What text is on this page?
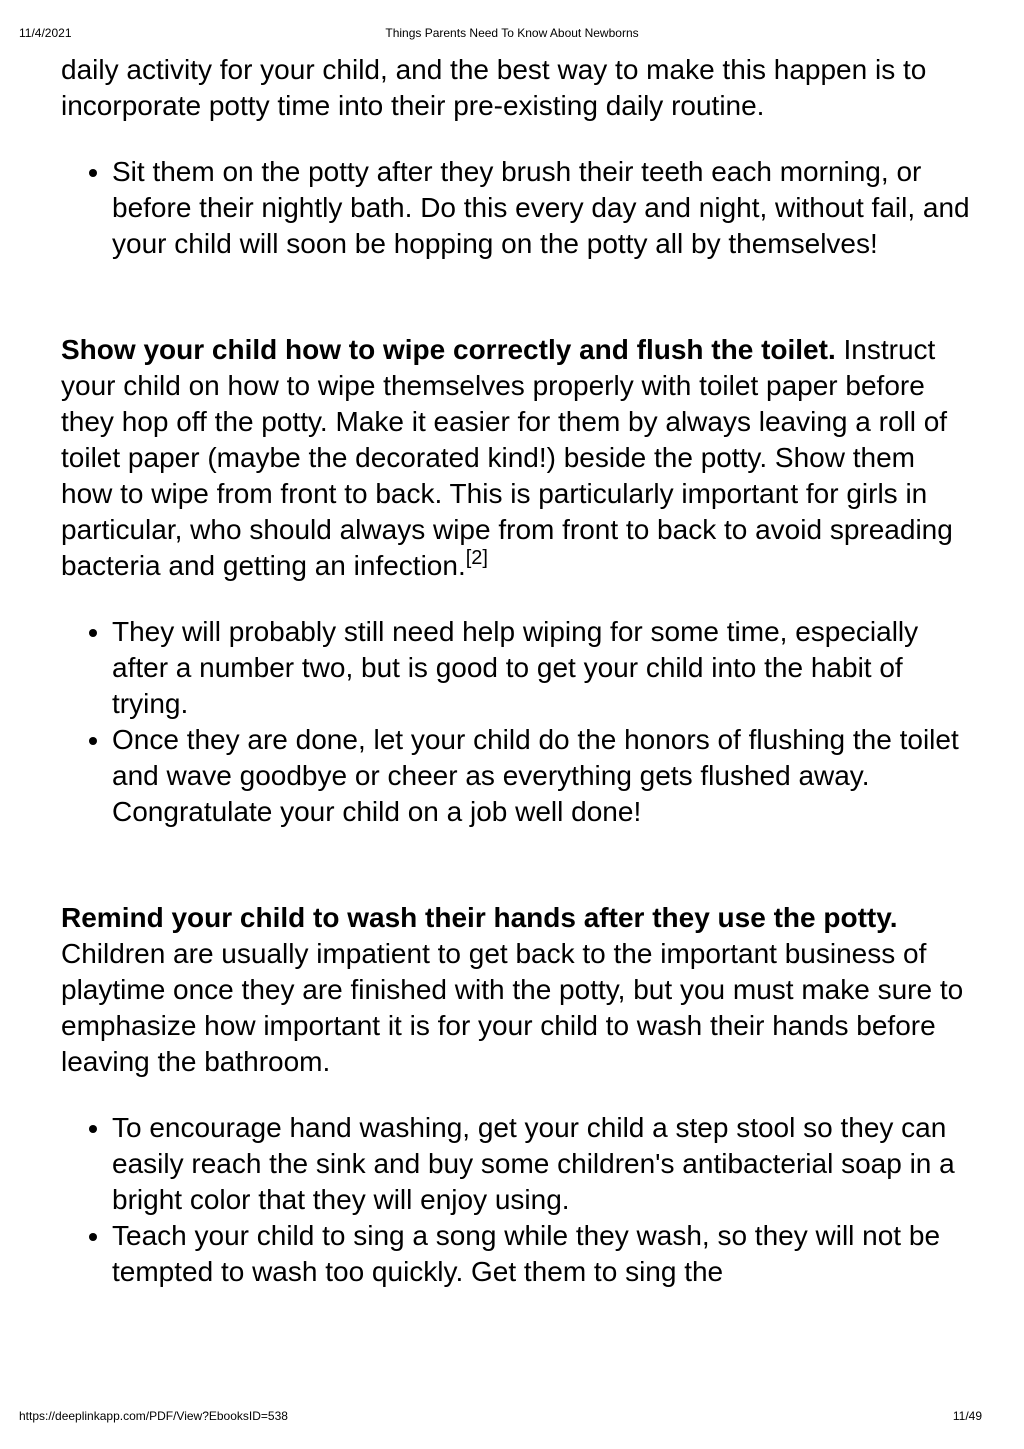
11/4/2021	Things Parents Need To Know About Newborns

daily activity for your child, and the best way to make this happen is to incorporate potty time into their pre-existing daily routine.

• Sit them on the potty after they brush their teeth each morning, or before their nightly bath. Do this every day and night, without fail, and your child will soon be hopping on the potty all by themselves!

Show your child how to wipe correctly and flush the toilet. Instruct your child on how to wipe themselves properly with toilet paper before they hop off the potty. Make it easier for them by always leaving a roll of toilet paper (maybe the decorated kind!) beside the potty. Show them how to wipe from front to back. This is particularly important for girls in particular, who should always wipe from front to back to avoid spreading bacteria and getting an infection.[2]

• They will probably still need help wiping for some time, especially after a number two, but is good to get your child into the habit of trying.
• Once they are done, let your child do the honors of flushing the toilet and wave goodbye or cheer as everything gets flushed away. Congratulate your child on a job well done!

Remind your child to wash their hands after they use the potty. Children are usually impatient to get back to the important business of playtime once they are finished with the potty, but you must make sure to emphasize how important it is for your child to wash their hands before leaving the bathroom.

• To encourage hand washing, get your child a step stool so they can easily reach the sink and buy some children's antibacterial soap in a bright color that they will enjoy using.
• Teach your child to sing a song while they wash, so they will not be tempted to wash too quickly. Get them to sing the
https://deeplinkapp.com/PDF/View?EbooksID=538	11/49
